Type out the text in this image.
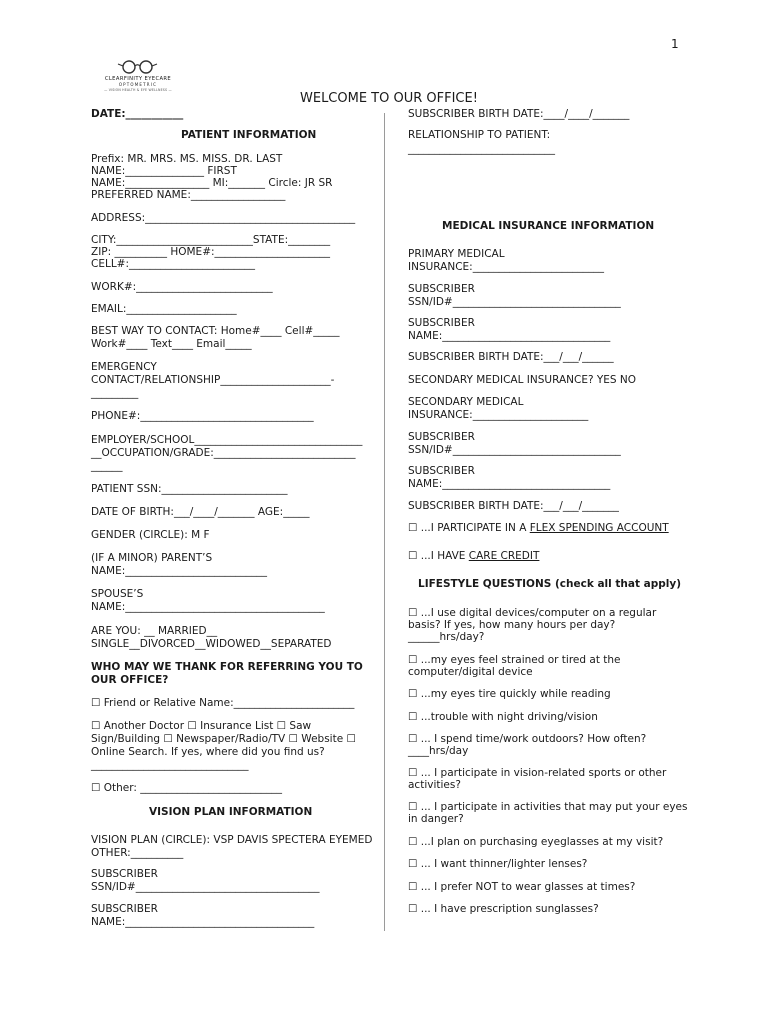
1
CLEARFINITY EYECARE
OPTOMETRIC
— VISION HEALTH & EYE WELLNESS —
WELCOME TO OUR OFFICE!
DATE:___________
PATIENT INFORMATION
Prefix: MR. MRS. MS. MISS. DR. LAST
NAME:_______________ FIRST
NAME:________________ MI:_______ Circle: JR SR
PREFERRED NAME:__________________
ADDRESS:________________________________________
CITY:__________________________STATE:________
ZIP: __________ HOME#:______________________
CELL#:________________________
WORK#:__________________________
EMAIL:_____________________
BEST WAY TO CONTACT: Home#____ Cell#_____
Work#____ Text____ Email_____
EMERGENCY
CONTACT/RELATIONSHIP_____________________-
_________
PHONE#:_________________________________
EMPLOYER/SCHOOL________________________________
__OCCUPATION/GRADE:___________________________
______
PATIENT SSN:________________________
DATE OF BIRTH:___/____/_______ AGE:_____
GENDER (CIRCLE): M F
(IF A MINOR) PARENT’S
NAME:___________________________
SPOUSE’S
NAME:______________________________________
ARE YOU: __ MARRIED__
SINGLE__DIVORCED__WIDOWED__SEPARATED
WHO MAY WE THANK FOR REFERRING YOU TO
OUR OFFICE?
☐ Friend or Relative Name:_______________________
☐ Another Doctor ☐ Insurance List ☐ Saw
Sign/Building ☐ Newspaper/Radio/TV ☐ Website ☐
Online Search. If yes, where did you find us?
______________________________
☐ Other: ___________________________
VISION PLAN INFORMATION
VISION PLAN (CIRCLE): VSP DAVIS SPECTERA EYEMED
OTHER:__________
SUBSCRIBER
SSN/ID#___________________________________
SUBSCRIBER
NAME:____________________________________
SUBSCRIBER BIRTH DATE:____/____/_______
RELATIONSHIP TO PATIENT:
____________________________
MEDICAL INSURANCE INFORMATION
PRIMARY MEDICAL
INSURANCE:_________________________
SUBSCRIBER
SSN/ID#________________________________
SUBSCRIBER
NAME:________________________________
SUBSCRIBER BIRTH DATE:___/___/______
SECONDARY MEDICAL INSURANCE? YES NO
SECONDARY MEDICAL
INSURANCE:______________________
SUBSCRIBER
SSN/ID#________________________________
SUBSCRIBER
NAME:________________________________
SUBSCRIBER BIRTH DATE:___/___/_______
☐ ...I PARTICIPATE IN A FLEX SPENDING ACCOUNT
☐ ...I HAVE CARE CREDIT
LIFESTYLE QUESTIONS (check all that apply)
☐ ...I use digital devices/computer on a regular
basis? If yes, how many hours per day?
______hrs/day?
☐ ...my eyes feel strained or tired at the
computer/digital device
☐ ...my eyes tire quickly while reading
☐ ...trouble with night driving/vision
☐ ... I spend time/work outdoors? How often?
____hrs/day
☐ ... I participate in vision-related sports or other
activities?
☐ ... I participate in activities that may put your eyes
in danger?
☐ ...I plan on purchasing eyeglasses at my visit?
☐ ... I want thinner/lighter lenses?
☐ ... I prefer NOT to wear glasses at times?
☐ ... I have prescription sunglasses?
